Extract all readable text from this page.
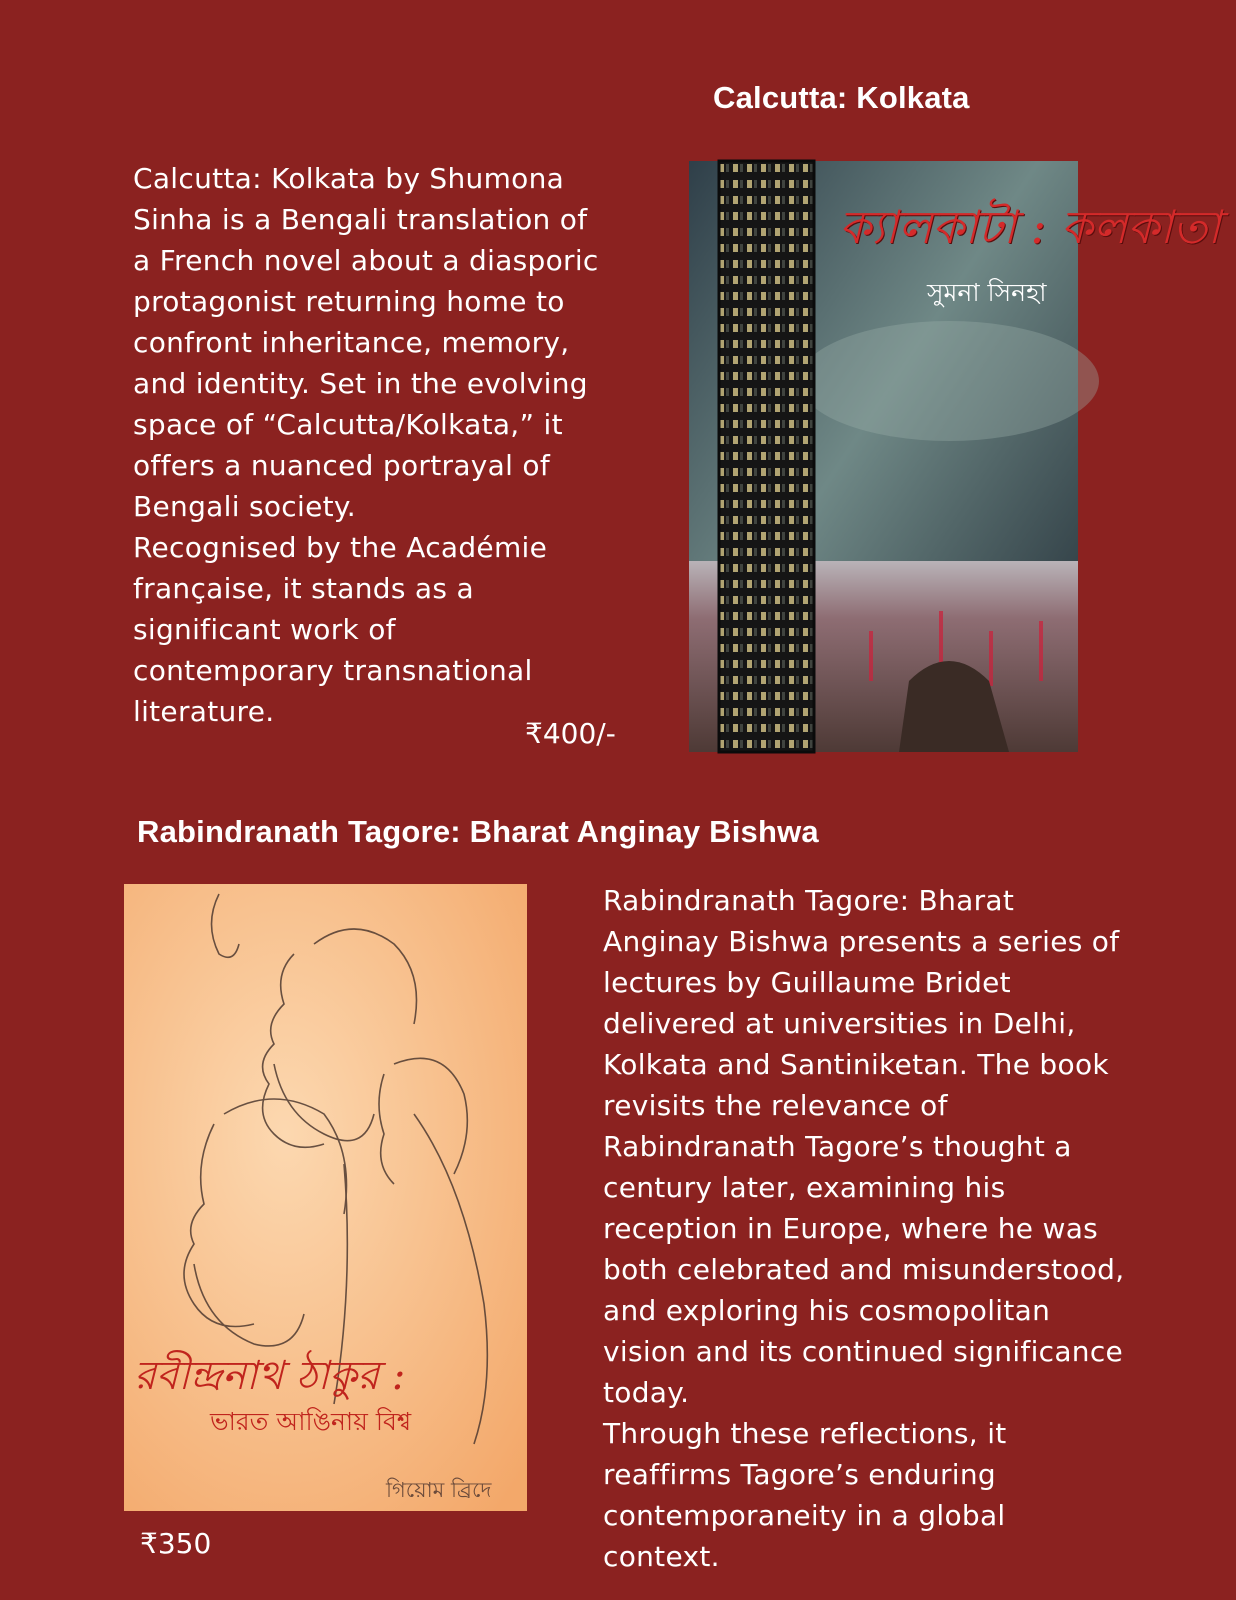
Calcutta: Kolkata
Calcutta: Kolkata by Shumona
Sinha is a Bengali translation of
a French novel about a diasporic
protagonist returning home to
confront inheritance, memory,
and identity. Set in the evolving
space of “Calcutta/Kolkata,” it
offers a nuanced portrayal of
Bengali society.
Recognised by the Académie
française, it stands as a
significant work of
contemporary transnational
literature.
₹400/-
ক্যালকাটা : কলকাতা
সুমনা সিনহা
Rabindranath Tagore: Bharat Anginay Bishwa
রবীন্দ্রনাথ ঠাকুর :
ভারত আঙিনায় বিশ্ব
গিয়োম ব্রিদে
Rabindranath Tagore: Bharat
Anginay Bishwa presents a series of
lectures by Guillaume Bridet
delivered at universities in Delhi,
Kolkata and Santiniketan. The book
revisits the relevance of
Rabindranath Tagore’s thought a
century later, examining his
reception in Europe, where he was
both celebrated and misunderstood,
and exploring his cosmopolitan
vision and its continued significance
today.
Through these reflections, it
reaffirms Tagore’s enduring
contemporaneity in a global
context.
₹350
